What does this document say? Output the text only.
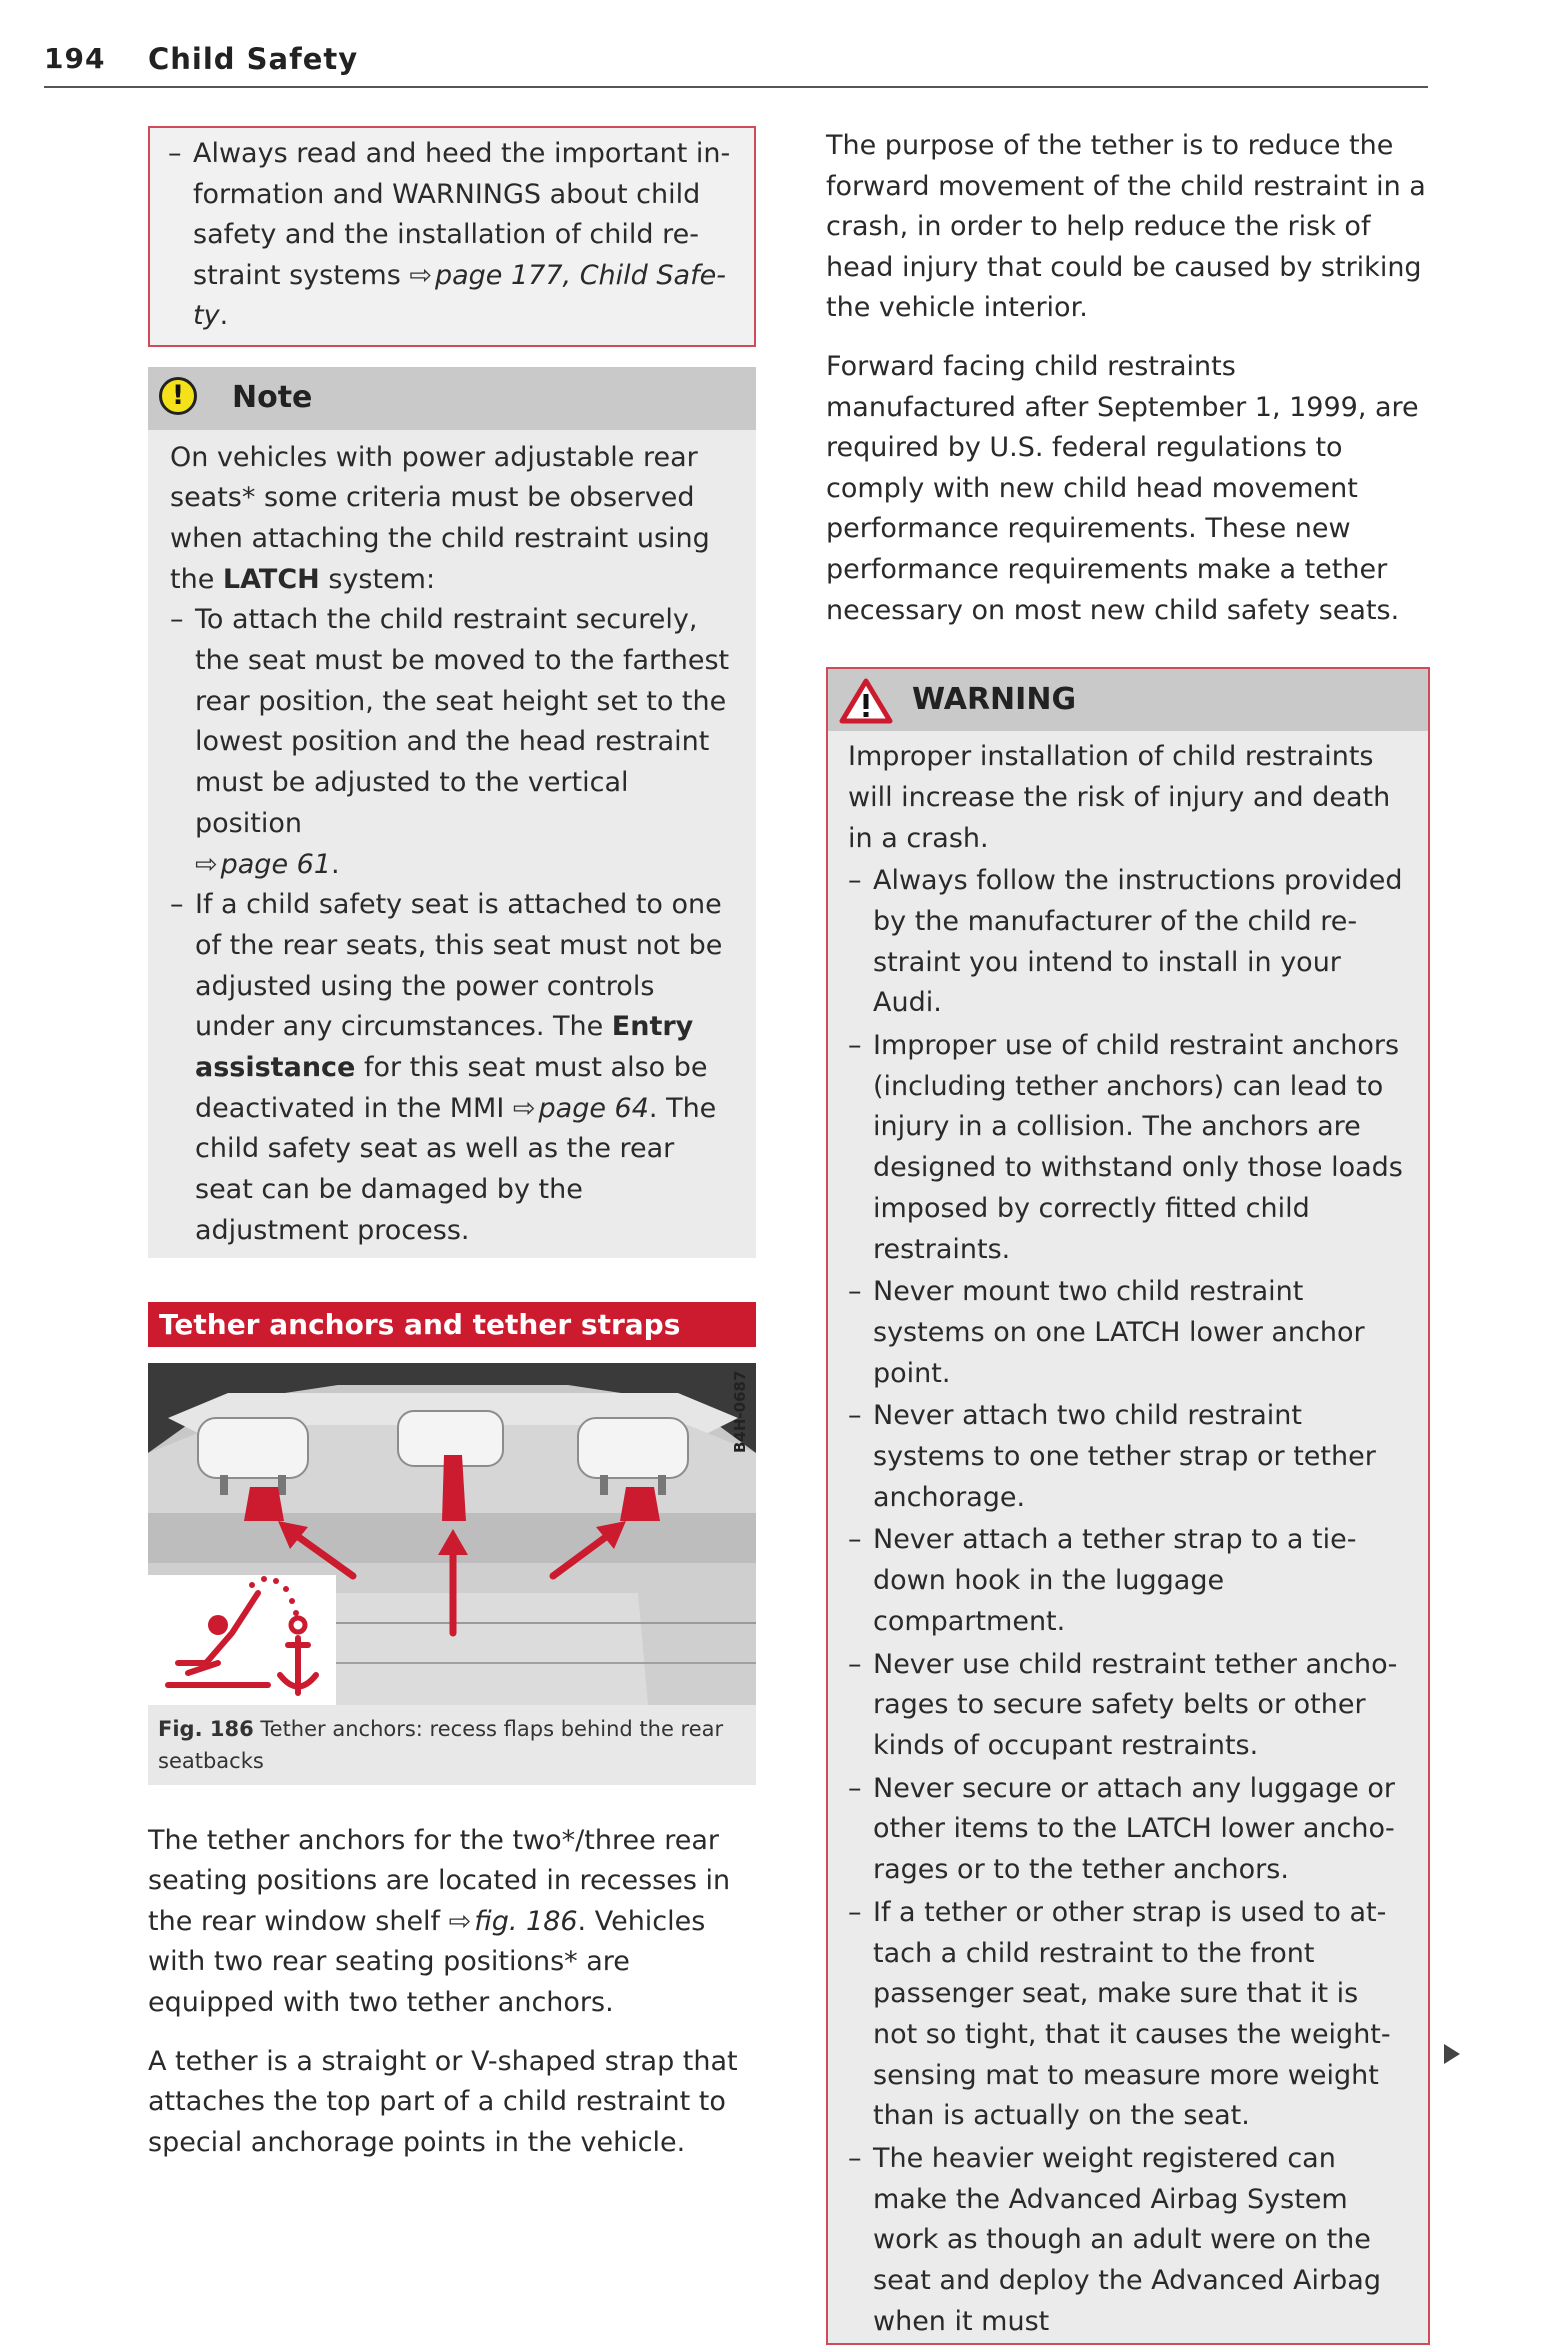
194 Child Safety
– Always read and heed the important information and WARNINGS about child safety and the installation of child restraint systems ⇨ page 177, Child Safety.
!	Note

On vehicles with power adjustable rear seats* some criteria must be observed when attaching the child restraint using the LATCH system:

– To attach the child restraint securely, the seat must be moved to the farthest rear position, the seat height set to the lowest position and the head restraint must be adjusted to the vertical position
⇨ page 61.
– If a child safety seat is attached to one of the rear seats, this seat must not be adjusted using the power controls under any circumstances. The Entry assistance for this seat must also be deactivated in the MMI ⇨ page 64. The child safety seat as well as the rear seat can be damaged by the adjustment process.
Tether anchors and tether straps
B4H-0687
Fig. 186 Tether anchors: recess flaps behind the rear seatbacks

The tether anchors for the two*/three rear seating positions are located in recesses in the rear window shelf ⇨ fig. 186. Vehicles with two rear seating positions* are equipped with two tether anchors.

A tether is a straight or V-shaped strap that attaches the top part of a child restraint to special anchorage points in the vehicle.

The purpose of the tether is to reduce the forward movement of the child restraint in a crash, in order to help reduce the risk of head injury that could be caused by striking the vehicle interior.

Forward facing child restraints manufactured after September 1, 1999, are required by U.S. federal regulations to comply with new child head movement performance requirements. These new performance requirements make a tether necessary on most new child safety seats.

WARNING

Improper installation of child restraints will increase the risk of injury and death in a crash.

– Always follow the instructions provided by the manufacturer of the child restraint you intend to install in your Audi.
– Improper use of child restraint anchors (including tether anchors) can lead to injury in a collision. The anchors are designed to withstand only those loads imposed by correctly fitted child restraints.
– Never mount two child restraint systems on one LATCH lower anchor point.
– Never attach two child restraint systems to one tether strap or tether anchorage.
– Never attach a tether strap to a tie-down hook in the luggage compartment.
– Never use child restraint tether anchorages to secure safety belts or other kinds of occupant restraints.
– Never secure or attach any luggage or other items to the LATCH lower anchorages or to the tether anchors.
– If a tether or other strap is used to attach a child restraint to the front passenger seat, make sure that it is not so tight, that it causes the weight-sensing mat to measure more weight than is actually on the seat.
– The heavier weight registered can make the Advanced Airbag System work as though an adult were on the seat and deploy the Advanced Airbag when it must
